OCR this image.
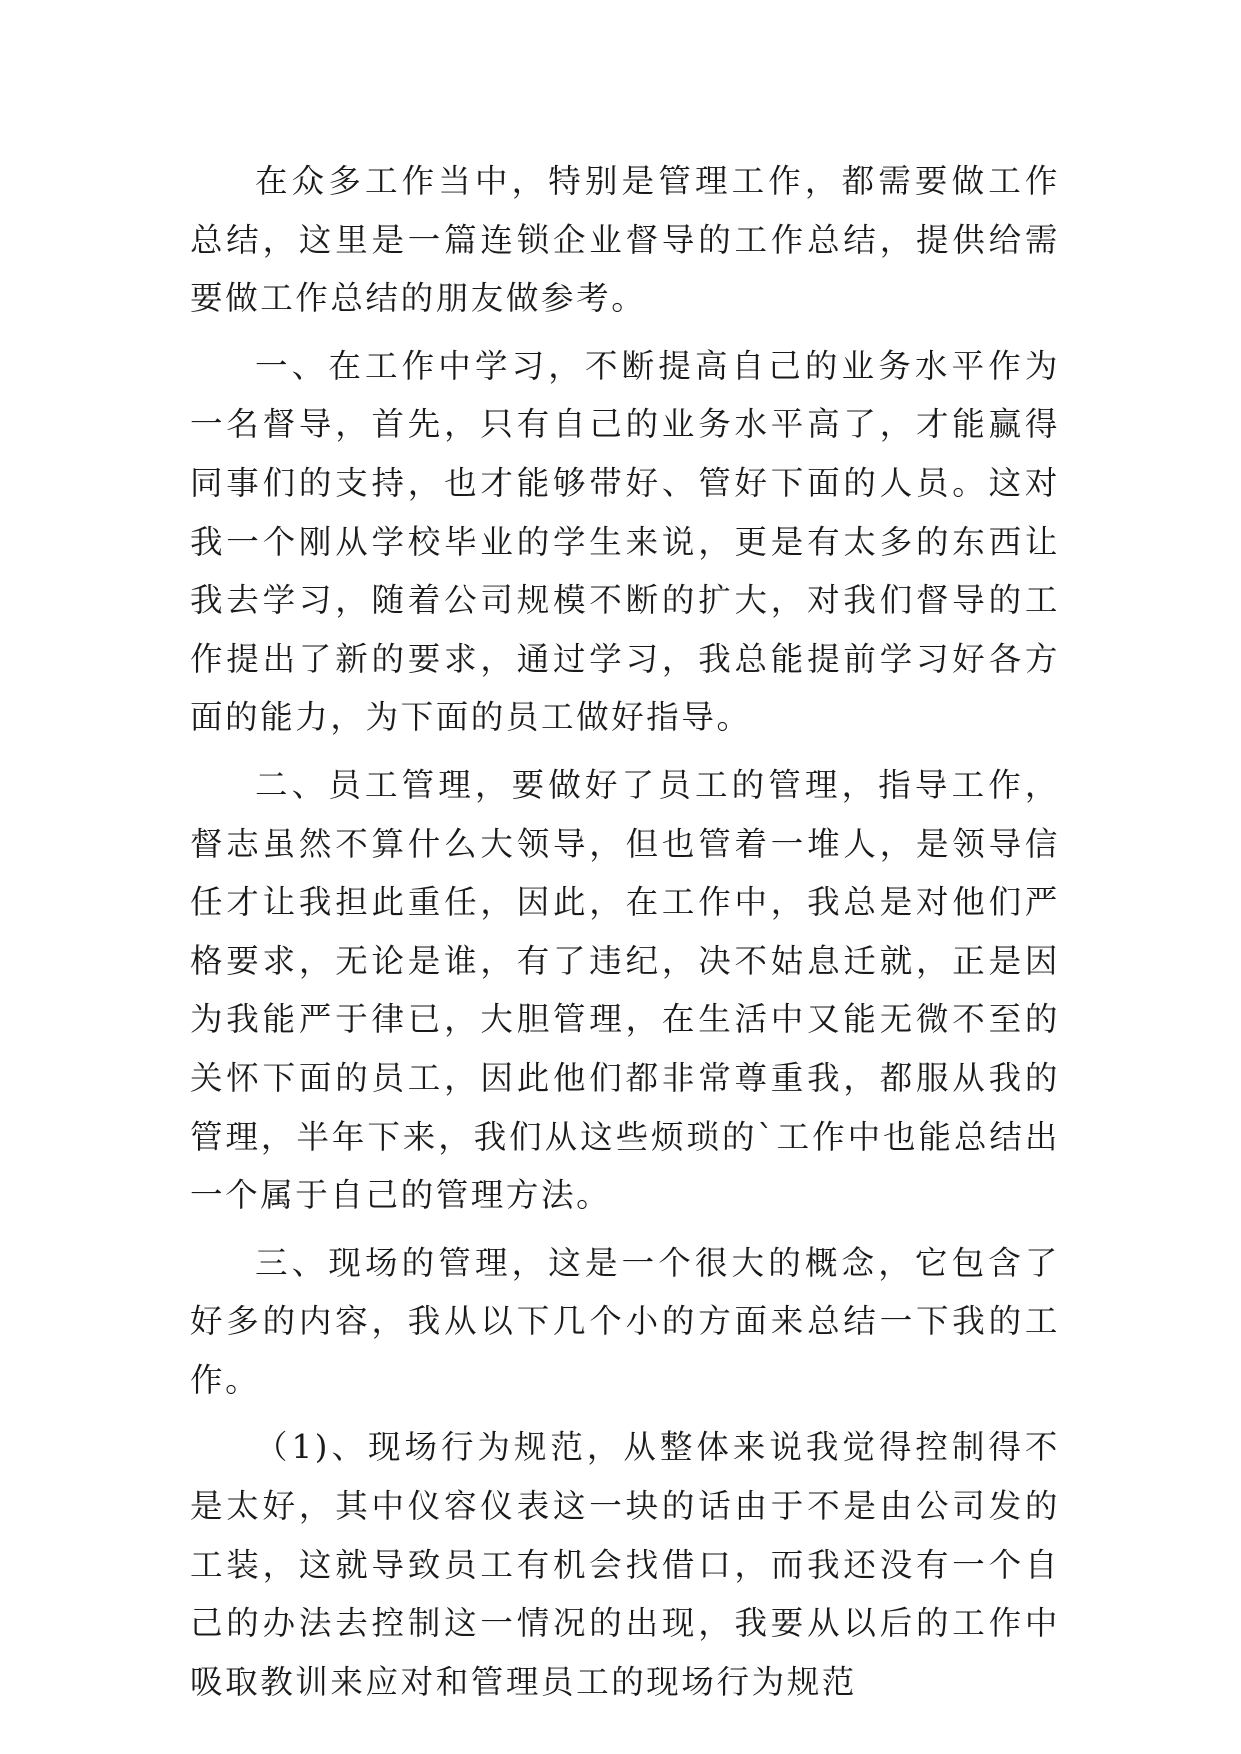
在众多工作当中，特别是管理工作，都需要做工作总结，这里是一篇连锁企业督导的工作总结，提供给需要做工作总结的朋友做参考。

一、在工作中学习，不断提高自己的业务水平作为一名督导，首先，只有自己的业务水平高了，才能赢得同事们的支持，也才能够带好、管好下面的人员。这对我一个刚从学校毕业的学生来说，更是有太多的东西让我去学习，随着公司规模不断的扩大，对我们督导的工作提出了新的要求，通过学习，我总能提前学习好各方面的能力，为下面的员工做好指导。

二、员工管理，要做好了员工的管理，指导工作，督志虽然不算什么大领导，但也管着一堆人，是领导信任才让我担此重任，因此，在工作中，我总是对他们严格要求，无论是谁，有了违纪，决不姑息迁就，正是因为我能严于律已，大胆管理，在生活中又能无微不至的关怀下面的员工，因此他们都非常尊重我，都服从我的管理，半年下来，我们从这些烦琐的`工作中也能总结出一个属于自己的管理方法。

三、现场的管理，这是一个很大的概念，它包含了好多的内容，我从以下几个小的方面来总结一下我的工作。

（1)、现场行为规范，从整体来说我觉得控制得不是太好，其中仪容仪表这一块的话由于不是由公司发的工装，这就导致员工有机会找借口，而我还没有一个自己的办法去控制这一情况的出现，我要从以后的工作中吸取教训来应对和管理员工的现场行为规范
